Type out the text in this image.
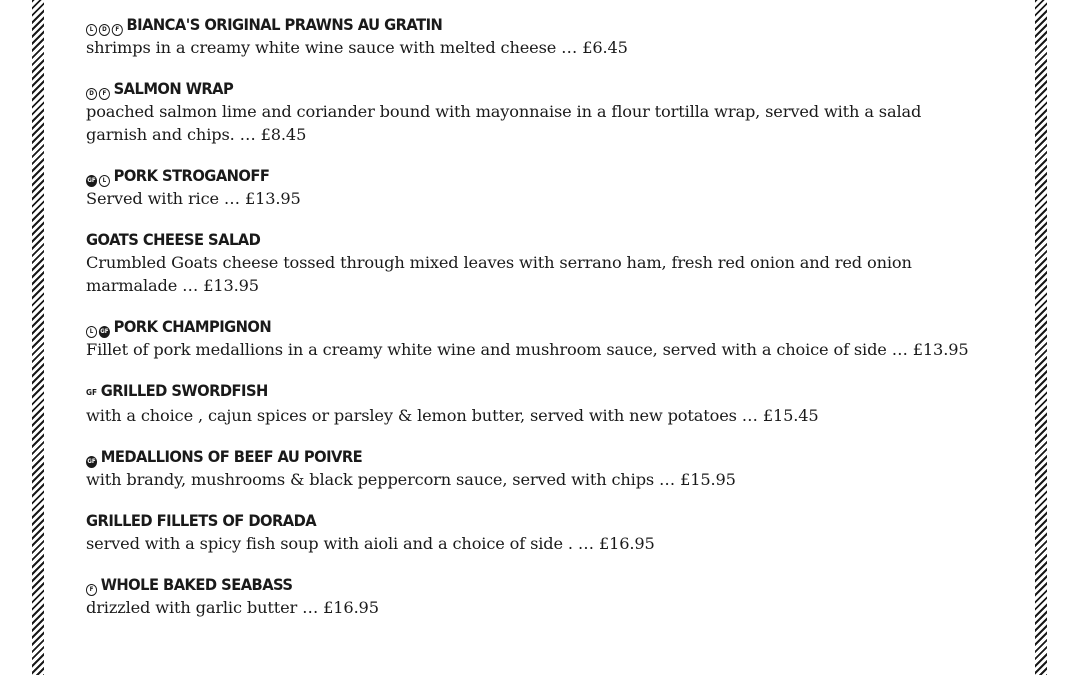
L	D	F BIANCA'S ORIGINAL PRAWNS AU GRATIN
shrimps in a creamy white wine sauce with melted cheese … £6.45
D	F SALMON WRAP
poached salmon lime and coriander bound with mayonnaise in a flour tortilla wrap, served with a salad garnish and chips. … £8.45
GF	L PORK STROGANOFF
Served with rice … £13.95
GOATS CHEESE SALAD
Crumbled Goats cheese tossed through mixed leaves with serrano ham, fresh red onion and red onion marmalade … £13.95
L	GF PORK CHAMPIGNON
Fillet of pork medallions in a creamy white wine and mushroom sauce, served with a choice of side … £13.95
GF GRILLED SWORDFISH
with a choice , cajun spices or parsley & lemon butter, served with new potatoes … £15.45
GF MEDALLIONS OF BEEF AU POIVRE
with brandy, mushrooms & black peppercorn sauce, served with chips … £15.95
GRILLED FILLETS OF DORADA
served with a spicy fish soup with aioli and a choice of side . … £16.95
F WHOLE BAKED SEABASS
drizzled with garlic butter … £16.95
